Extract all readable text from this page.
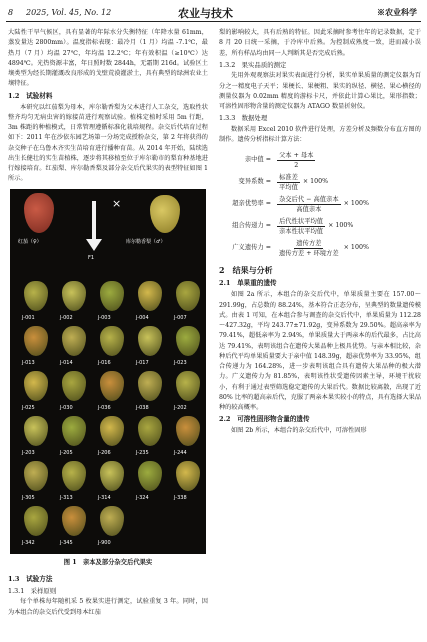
8 2025, Vol. 45, No. 12	农业与技术	※农业科学

大陆性干旱气候区，具有显著的年际水分失衡特征（年降水量 61mm，蒸发量达 2800mm）。温度指标表现：最冷月（1 月）均温 -7.1℃，最热月（7 月）均温 27℃，年均温 12.2℃；年有效积温（≥10℃）达 4894℃。光热资源丰富，年日照时数 2844h，无霜期 216d。试验区土壤类型为经长期灌溉改良形成的戈壁荒漠灌淤土，具有典型的绿洲农业土壤特征。

1.2　试验材料

本研究以红茄梨为母本，库尔勒香梨为父本进行人工杂交，选取性状整齐均匀无病虫害的嫁接苗进行观察试验。植株定植时采用 5m 行距，3m 株距的种植模式，日常管理遵循标准化栽培规程。杂交后代培育过程如下：2011 年在沙依东园艺场第一分场完成授粉杂交，第 2 年将获得的杂交种子在乌鲁木齐实生苗培育进行播种育苗。从 2014 年开始，陆续选出生长健壮的实生苗植株，逐步将其移植至位于库尔勒市的梨育种基地进行嫁接培育。红茄梨、库尔勒香梨及部分杂交后代果实的表型特征如图 1 所示。

红茄（♀）
×
库尔勒香梨（♂）
F1
J-001	J-002	J-003	J-004	J-007
J-013	J-014	J-016	J-017	J-023
J-025	J-030	J-036	J-038	J-202
J-203	J-205	J-206	J-235	J-244
J-305	J-313	J-314	J-324	J-338
J-342	J-345	J-900
图 1　亲本及部分杂交后代果实
1.3　试验方法
1.3.1　采样原则

每个单株每年随机采 5 枚果实进行测定，试验重复 3 年。同时，因为本组合的杂交后代受到母本红茄

梨的影响较大，具有后熟的特征。因此采摘时参考往年的记录数据，定于 8 月 20 日统一采摘，于冷库中后熟。为控制成熟度一致，进而减小误差，所有样品均由同一人判断其是否完成后熟。

1.3.2　果实品质的测定

先用外观观察法对果实表面进行分析，果实单果质量的测定仪器为百分之一精度电子天平；果梗长、果梗粗、果实的纵径、横径、果心横径的测量仪器为 0.02mm 精度的游标卡尺，并依此计算心果比，果形指数；可溶性固形物含量的测定仪器为 ATAGO 数显折射仪。

1.3.3　数据处理

数据采用 Excel 2010 软件进行处理，方差分析及频数分布直方图的制作。遗传分析指标计算方法：

亲中值 = $\frac{\text{父本 + 母本}}{2}$
变异系数 = $\frac{\text{标准差}}{\text{平均值}} \times 100\%$
超亲优势率 = $\frac{\text{杂交后代 − 高值亲本}}{\text{高值亲本}} \times 100\%$
组合传递力 = $\frac{\text{后代性状平均值}}{\text{亲本性状平均值}} \times 100\%$
广义遗传力 = $\frac{\text{遗传方差}}{\text{遗传方差 + 环境方差}} \times 100\%$
2　结果与分析
2.1　单果重的遗传

如图 2a 所示，本组合的杂交后代中，单果质量主要在 157.00～291.99g，占总数的 88.24%，基本符合正态分布，呈典型的数量遗传模式。由表 1 可知，在本组合参与调查的杂交后代中，单果质量为 112.28～427.32g，平均 243.77±71.92g，变异系数为 29.50%。超高亲率为 79.41%，超低亲率为 2.94%，单果质量大于两亲本的后代最多，占比高达 79.41%，表明该组合在遗传大果品种上极具优势。与亲本相比较，杂种后代平均单果质量要大于亲中值 148.39g，超亲优势率为 33.95%，组合传递力为 164.28%，进一步表明该组合具有遗传大果品种的极大潜力。广义遗传力为 81.85%，表明该性状受遗传因素主导，环境干扰较小，有利于通过表型筛选稳定遗传的大果后代。数据比较离散，出现了近 80% 比率的超高亲后代，克服了两亲本果实较小的特点，具有选择大果品种的较高概率。

2.2　可溶性固形物含量的遗传

如图 2b 所示，本组合的杂交后代中，可溶性固形
